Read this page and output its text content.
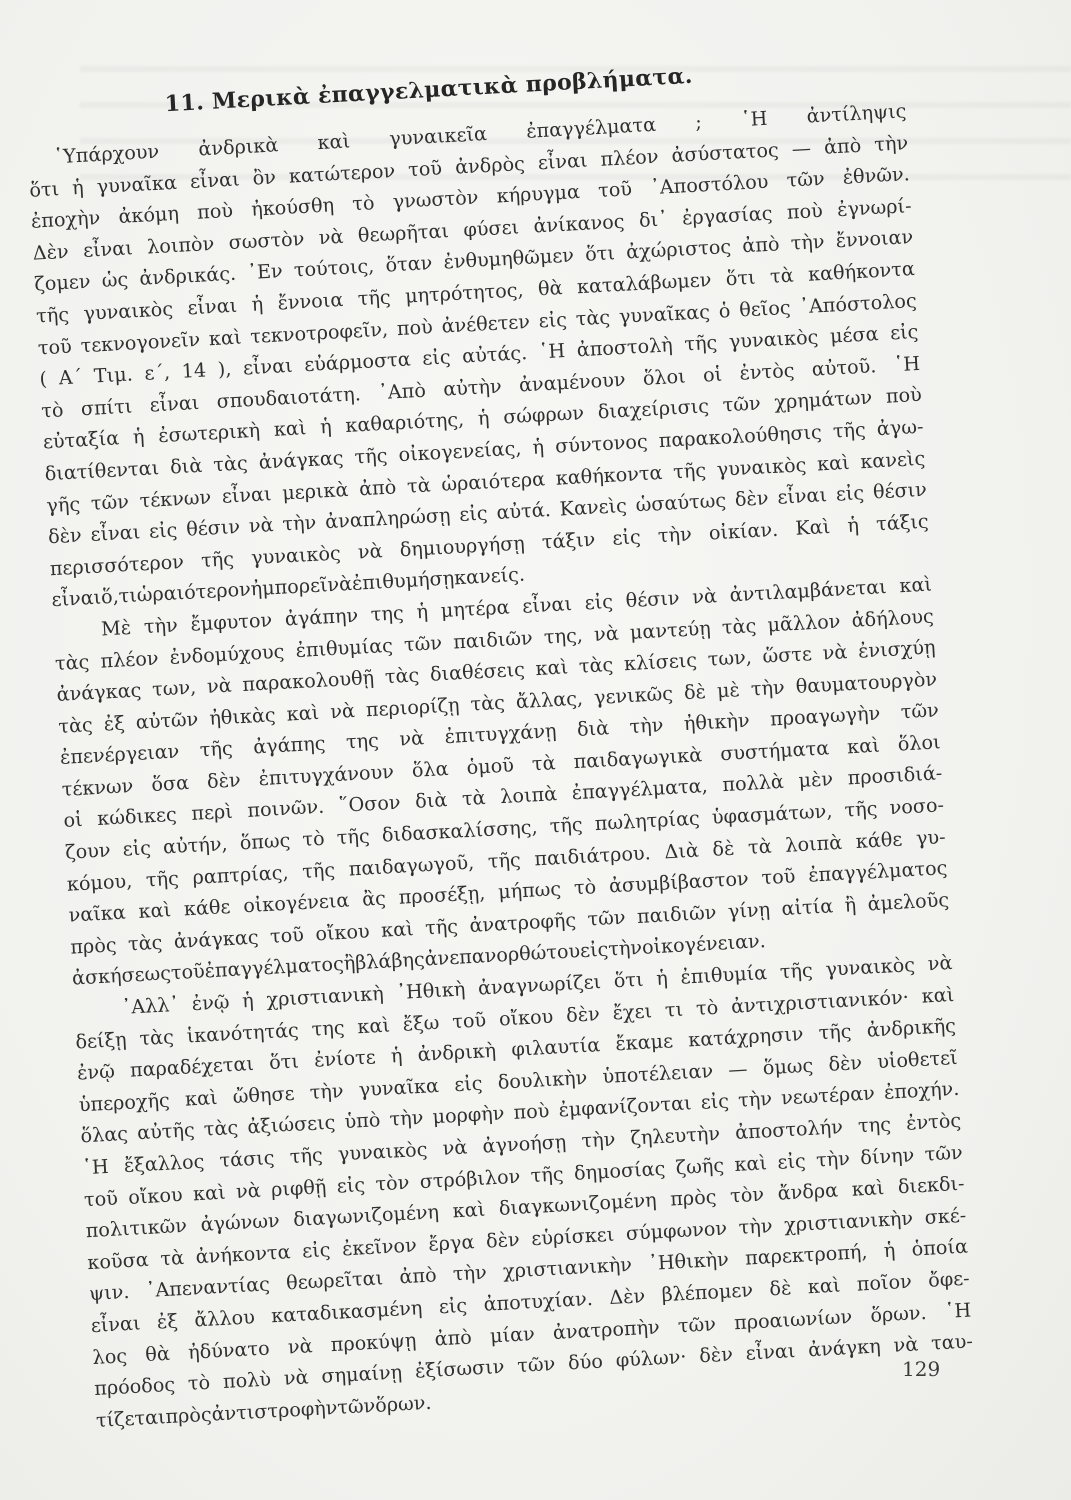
11. Μερικὰ ἐπαγγελματικὰ προβλήματα.
῾Υπάρχουν ἀνδρικὰ καὶ γυναικεῖα ἐπαγγέλματα ; ῾Η ἀντίληψις
ὅτι ἡ γυναῖκα εἶναι ὂν κατώτερον τοῦ ἀνδρὸς εἶναι πλέον ἀσύστατος — ἀπὸ τὴν
ἐποχὴν ἀκόμη ποὺ ἠκούσθη τὸ γνωστὸν κήρυγμα τοῦ ᾿Αποστόλου τῶν ἐθνῶν.
Δὲν εἶναι λοιπὸν σωστὸν νὰ θεωρῆται φύσει ἀνίκανος δι᾿ ἐργασίας ποὺ ἐγνωρί-
ζομεν ὡς ἀνδρικάς. ᾿Εν τούτοις, ὅταν ἐνθυμηθῶμεν ὅτι ἀχώριστος ἀπὸ τὴν ἔννοιαν
τῆς γυναικὸς εἶναι ἡ ἔννοια τῆς μητρότητος, θὰ καταλάβωμεν ὅτι τὰ καθήκοντα
τοῦ τεκνογονεῖν καὶ τεκνοτροφεῖν, ποὺ ἀνέθετεν εἰς τὰς γυναῖκας ὁ θεῖος ᾿Απόστολος
( Α΄ Τιμ. ε΄, 14 ), εἶναι εὐάρμοστα εἰς αὐτάς. ῾Η ἀποστολὴ τῆς γυναικὸς μέσα εἰς
τὸ σπίτι εἶναι σπουδαιοτάτη. ᾿Απὸ αὐτὴν ἀναμένουν ὅλοι οἱ ἐντὸς αὐτοῦ. ῾Η
εὐταξία ἡ ἐσωτερικὴ καὶ ἡ καθαριότης, ἡ σώφρων διαχείρισις τῶν χρημάτων ποὺ
διατίθενται διὰ τὰς ἀνάγκας τῆς οἰκογενείας, ἡ σύντονος παρακολούθησις τῆς ἀγω-
γῆς τῶν τέκνων εἶναι μερικὰ ἀπὸ τὰ ὡραιότερα καθήκοντα τῆς γυναικὸς καὶ κανεὶς
δὲν εἶναι εἰς θέσιν νὰ τὴν ἀναπληρώσῃ εἰς αὐτά. Κανεὶς ὡσαύτως δὲν εἶναι εἰς θέσιν
περισσότερον τῆς γυναικὸς νὰ δημιουργήσῃ τάξιν εἰς τὴν οἰκίαν. Καὶ ἡ τάξις
εἶναι
ὅ,τι
ὡραιότερον
ἠμπορεῖ
νὰ
ἐπιθυμήσῃ
κανείς.
Μὲ τὴν ἔμφυτον ἀγάπην της ἡ μητέρα εἶναι εἰς θέσιν νὰ ἀντιλαμβάνεται καὶ
τὰς πλέον ἐνδομύχους ἐπιθυμίας τῶν παιδιῶν της, νὰ μαντεύῃ τὰς μᾶλλον ἀδήλους
ἀνάγκας των, νὰ παρακολουθῇ τὰς διαθέσεις καὶ τὰς κλίσεις των, ὥστε νὰ ἐνισχύῃ
τὰς ἐξ αὐτῶν ἠθικὰς καὶ νὰ περιορίζῃ τὰς ἄλλας, γενικῶς δὲ μὲ τὴν θαυματουργὸν
ἐπενέργειαν τῆς ἀγάπης της νὰ ἐπιτυγχάνῃ διὰ τὴν ἠθικὴν προαγωγὴν τῶν
τέκνων ὅσα δὲν ἐπιτυγχάνουν ὅλα ὁμοῦ τὰ παιδαγωγικὰ συστήματα καὶ ὅλοι
οἱ κώδικες περὶ ποινῶν. ῞Οσον διὰ τὰ λοιπὰ ἐπαγγέλματα, πολλὰ μὲν προσιδιά-
ζουν εἰς αὐτήν, ὅπως τὸ τῆς διδασκαλίσσης, τῆς πωλητρίας ὑφασμάτων, τῆς νοσο-
κόμου, τῆς ραπτρίας, τῆς παιδαγωγοῦ, τῆς παιδιάτρου. Διὰ δὲ τὰ λοιπὰ κάθε γυ-
ναῖκα καὶ κάθε οἰκογένεια ἂς προσέξῃ, μήπως τὸ ἀσυμβίβαστον τοῦ ἐπαγγέλματος
πρὸς τὰς ἀνάγκας τοῦ οἴκου καὶ τῆς ἀνατροφῆς τῶν παιδιῶν γίνῃ αἰτία ἢ ἀμελοῦς
ἀσκήσεως
τοῦ
ἐπαγγέλματος
ἢ
βλάβης
ἀνεπανορθώτου
εἰς
τὴν
οἰκογένειαν.
᾿Αλλ᾿ ἐνῷ ἡ χριστιανικὴ ᾿Ηθικὴ ἀναγνωρίζει ὅτι ἡ ἐπιθυμία τῆς γυναικὸς νὰ
δείξῃ τὰς ἱκανότητάς της καὶ ἔξω τοῦ οἴκου δὲν ἔχει τι τὸ ἀντιχριστιανικόν· καὶ
ἐνῷ παραδέχεται ὅτι ἐνίοτε ἡ ἀνδρικὴ φιλαυτία ἔκαμε κατάχρησιν τῆς ἀνδρικῆς
ὑπεροχῆς καὶ ὤθησε τὴν γυναῖκα εἰς δουλικὴν ὑποτέλειαν — ὅμως δὲν υἱοθετεῖ
ὅλας αὐτῆς τὰς ἀξιώσεις ὑπὸ τὴν μορφὴν ποὺ ἐμφανίζονται εἰς τὴν νεωτέραν ἐποχήν.
῾Η ἔξαλλος τάσις τῆς γυναικὸς νὰ ἀγνοήσῃ τὴν ζηλευτὴν ἀποστολήν της ἐντὸς
τοῦ οἴκου καὶ νὰ ριφθῇ εἰς τὸν στρόβιλον τῆς δημοσίας ζωῆς καὶ εἰς τὴν δίνην τῶν
πολιτικῶν ἀγώνων διαγωνιζομένη καὶ διαγκωνιζομένη πρὸς τὸν ἄνδρα καὶ διεκδι-
κοῦσα τὰ ἀνήκοντα εἰς ἐκεῖνον ἔργα δὲν εὑρίσκει σύμφωνον τὴν χριστιανικὴν σκέ-
ψιν. ᾿Απεναντίας θεωρεῖται ἀπὸ τὴν χριστιανικὴν ᾿Ηθικὴν παρεκτροπή, ἡ ὁποία
εἶναι ἐξ ἄλλου καταδικασμένη εἰς ἀποτυχίαν. Δὲν βλέπομεν δὲ καὶ ποῖον ὄφε-
λος θὰ ἠδύνατο νὰ προκύψῃ ἀπὸ μίαν ἀνατροπὴν τῶν προαιωνίων ὅρων. ῾Η
πρόοδος τὸ πολὺ νὰ σημαίνῃ ἐξίσωσιν τῶν δύο φύλων· δὲν εἶναι ἀνάγκη νὰ ταυ-
τίζεται
πρὸς
ἀντιστροφὴν
τῶν
ὅρων.
129
